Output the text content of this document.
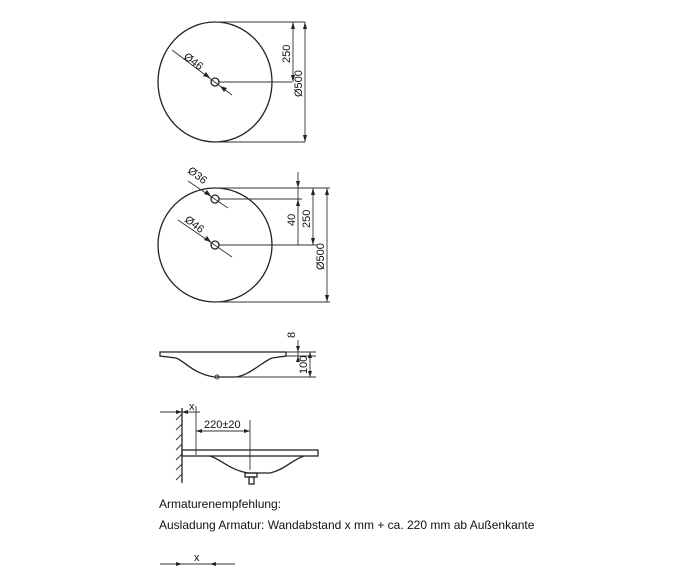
Ø46	250
Ø500
Ø36
Ø46	40 250
Ø500
8
100
x
220±20
x

Armaturenempfehlung:

Ausladung Armatur: Wandabstand x mm + ca. 220 mm ab Außenkante
